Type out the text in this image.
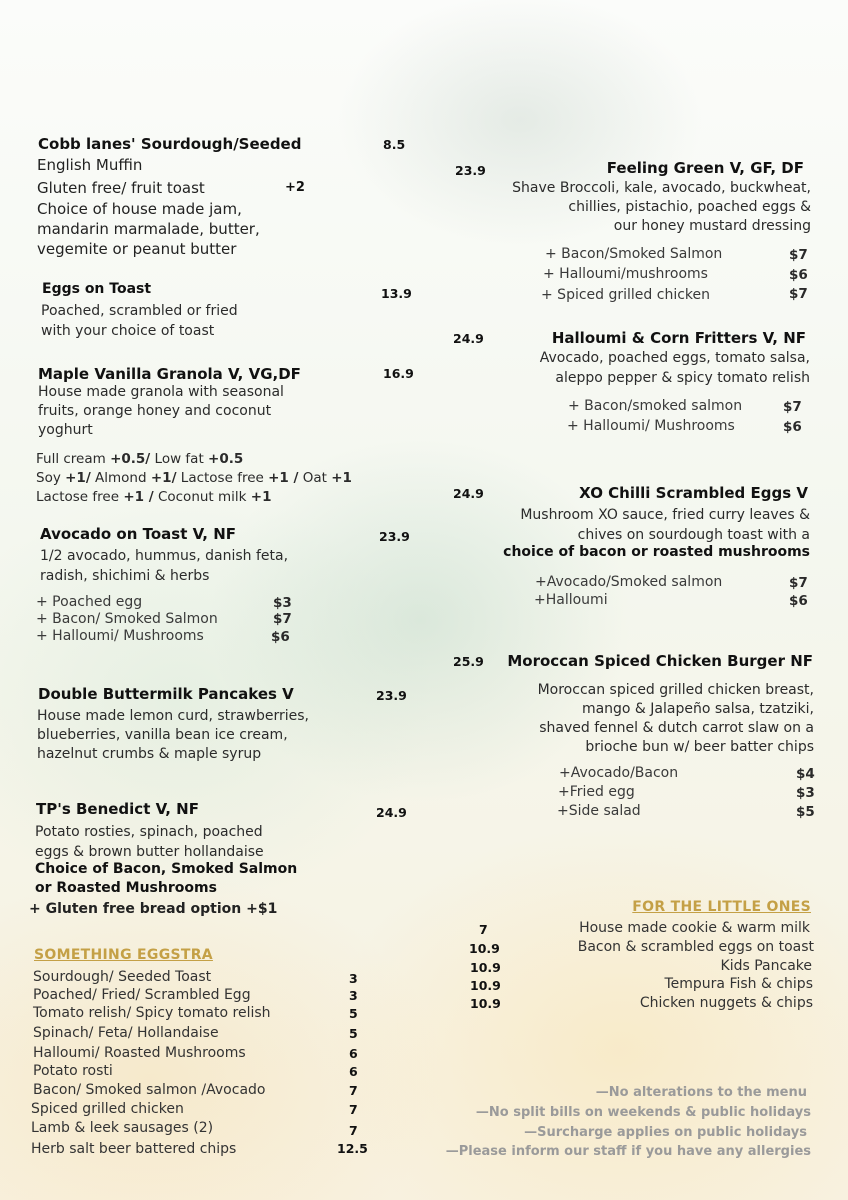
Cobb lanes' Sourdough/Seeded	8.5
English Muffin
Gluten free/ fruit toast	+2
Choice of house made jam,
mandarin marmalade, butter,
vegemite or peanut butter
Eggs on Toast	13.9
Poached, scrambled or fried
with your choice of toast
Maple Vanilla Granola V, VG,DF	16.9
House made granola with seasonal
fruits, orange honey and coconut
yoghurt
Full cream +0.5/ Low fat +0.5
Soy +1/ Almond +1/ Lactose free +1 / Oat +1
Lactose free +1 / Coconut milk +1
Avocado on Toast V, NF	23.9
1/2 avocado, hummus, danish feta,
radish, shichimi & herbs
+ Poached egg	$3
+ Bacon/ Smoked Salmon	$7
+ Halloumi/ Mushrooms	$6
Double Buttermilk Pancakes V	23.9
House made lemon curd, strawberries,
blueberries, vanilla bean ice cream,
hazelnut crumbs & maple syrup
TP's Benedict V, NF	24.9
Potato rosties, spinach, poached
eggs & brown butter hollandaise
Choice of Bacon, Smoked Salmon
or Roasted Mushrooms
+ Gluten free bread option +$1
SOMETHING EGGSTRA
Sourdough/ Seeded Toast	3
Poached/ Fried/ Scrambled Egg	3
Tomato relish/ Spicy tomato relish	5
Spinach/ Feta/ Hollandaise	5
Halloumi/ Roasted Mushrooms	6
Potato rosti	6
Bacon/ Smoked salmon /Avocado	7
Spiced grilled chicken	7
Lamb & leek sausages (2)	7
Herb salt beer battered chips	12.5
23.9	Feeling Green V, GF, DF
Shave Broccoli, kale, avocado, buckwheat,
chillies, pistachio, poached eggs &
our honey mustard dressing
+ Bacon/Smoked Salmon	$7
+ Halloumi/mushrooms	$6
+ Spiced grilled chicken	$7
24.9	Halloumi & Corn Fritters V, NF
Avocado, poached eggs, tomato salsa,
aleppo pepper & spicy tomato relish
+ Bacon/smoked salmon	$7
+ Halloumi/ Mushrooms	$6
24.9	XO Chilli Scrambled Eggs V
Mushroom XO sauce, fried curry leaves &
chives on sourdough toast with a
choice of bacon or roasted mushrooms
+Avocado/Smoked salmon	$7
+Halloumi	$6
25.9 Moroccan Spiced Chicken Burger NF
Moroccan spiced grilled chicken breast,
mango & Jalapeño salsa, tzatziki,
shaved fennel & dutch carrot slaw on a
brioche bun w/ beer batter chips
+Avocado/Bacon	$4
+Fried egg	$3
+Side salad	$5
FOR THE LITTLE ONES
7	House made cookie & warm milk
10.9	Bacon & scrambled eggs on toast
10.9	Kids Pancake
10.9	Tempura Fish & chips
10.9	Chicken nuggets & chips
—No alterations to the menu
—No split bills on weekends & public holidays
—Surcharge applies on public holidays
—Please inform our staff if you have any allergies
